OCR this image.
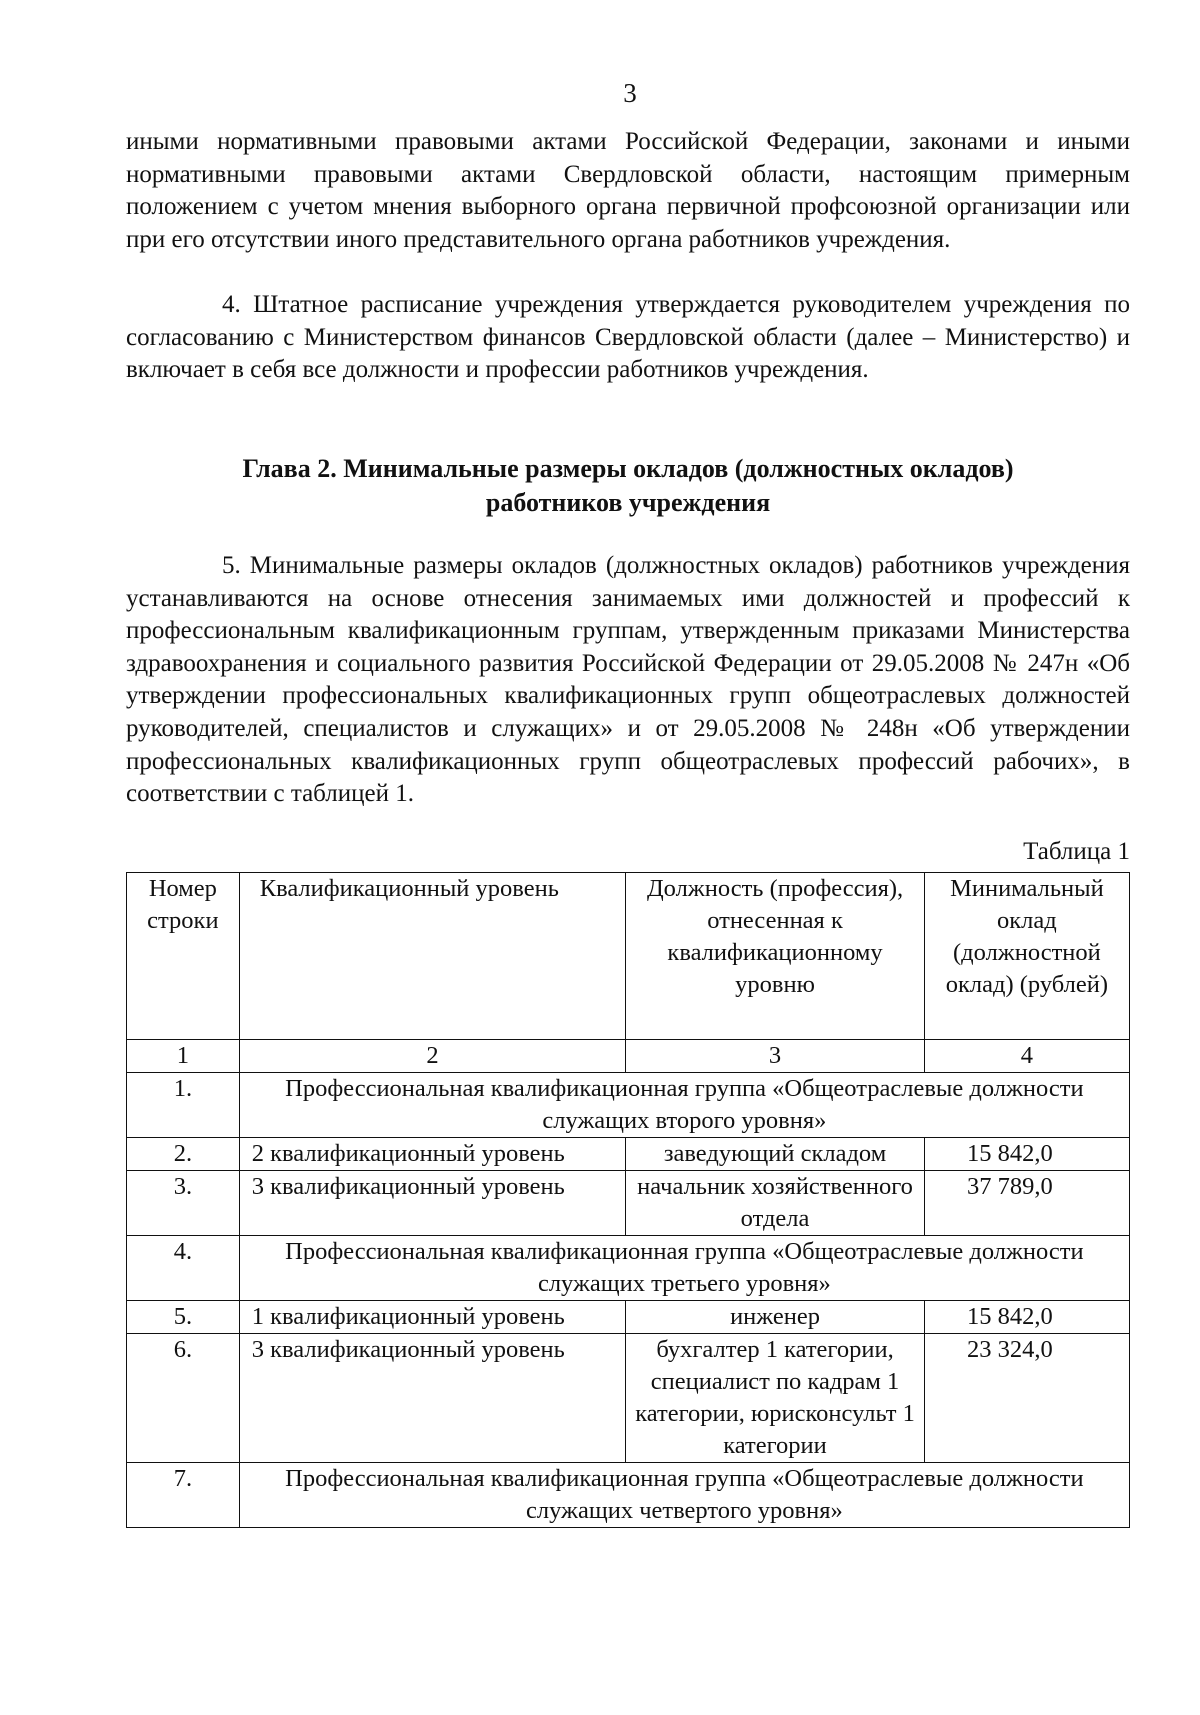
3
иными нормативными правовыми актами Российской Федерации, законами и иными нормативными правовыми актами Свердловской области, настоящим примерным положением с учетом мнения выборного органа первичной профсоюзной организации или при его отсутствии иного представительного органа работников учреждения.
4. Штатное расписание учреждения утверждается руководителем учреждения по согласованию с Министерством финансов Свердловской области (далее – Министерство) и включает в себя все должности и профессии работников учреждения.
Глава 2. Минимальные размеры окладов (должностных окладов)
работников учреждения
5. Минимальные размеры окладов (должностных окладов) работников учреждения устанавливаются на основе отнесения занимаемых ими должностей и профессий к профессиональным квалификационным группам, утвержденным приказами Министерства здравоохранения и социального развития Российской Федерации от 29.05.2008 № 247н «Об утверждении профессиональных квалификационных групп общеотраслевых должностей руководителей, специалистов и служащих» и от 29.05.2008 № 248н «Об утверждении профессиональных квалификационных групп общеотраслевых профессий рабочих», в соответствии с таблицей 1.
Таблица 1
Номер строки	Квалификационный уровень	Должность (профессия), отнесенная к квалификационному уровню	Минимальный оклад (должностной оклад) (рублей)
1	2	3	4
1.	Профессиональная квалификационная группа «Общеотраслевые должности служащих второго уровня»		
2.	2 квалификационный уровень	заведующий складом	15 842,0
3.	3 квалификационный уровень	начальник хозяйственного отдела	37 789,0
4.	Профессиональная квалификационная группа «Общеотраслевые должности служащих третьего уровня»		
5.	1 квалификационный уровень	инженер	15 842,0
6.	3 квалификационный уровень	бухгалтер 1 категории, специалист по кадрам 1 категории, юрисконсульт 1 категории	23 324,0
7.	Профессиональная квалификационная группа «Общеотраслевые должности служащих четвертого уровня»		
